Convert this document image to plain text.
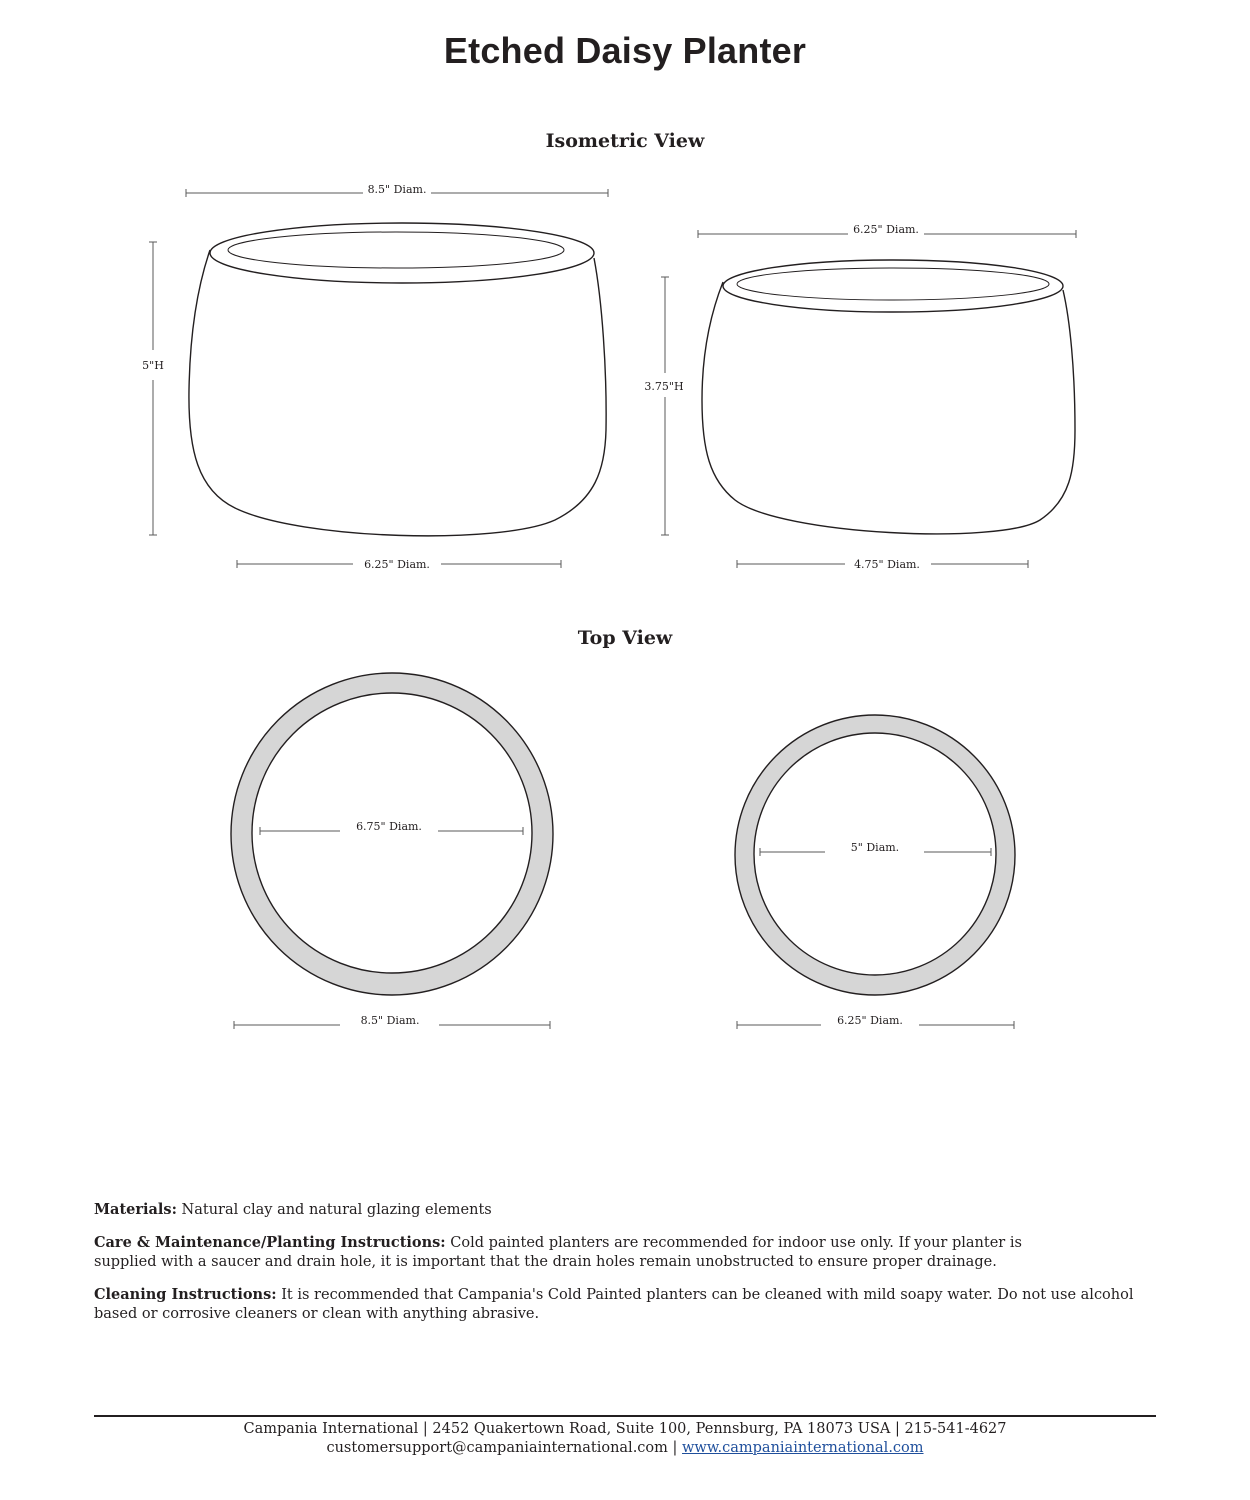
Etched Daisy Planter
Isometric View
Top View
8.5" Diam.
5"H
6.25" Diam.
6.25" Diam.
3.75"H
4.75" Diam.
6.75" Diam.
8.5" Diam.
5" Diam.
6.25" Diam.

Materials: Natural clay and natural glazing elements

Care & Maintenance/Planting Instructions: Cold painted planters are recommended for indoor use only. If your planter is supplied with a saucer and drain hole, it is important that the drain holes remain unobstructed to ensure proper drainage.

Cleaning Instructions: It is recommended that Campania's Cold Painted planters can be cleaned with mild soapy water. Do not use alcohol based or corrosive cleaners or clean with anything abrasive.

Campania International | 2452 Quakertown Road, Suite 100, Pennsburg, PA 18073 USA | 215-541-4627
customersupport@campaniainternational.com | www.campaniainternational.com
